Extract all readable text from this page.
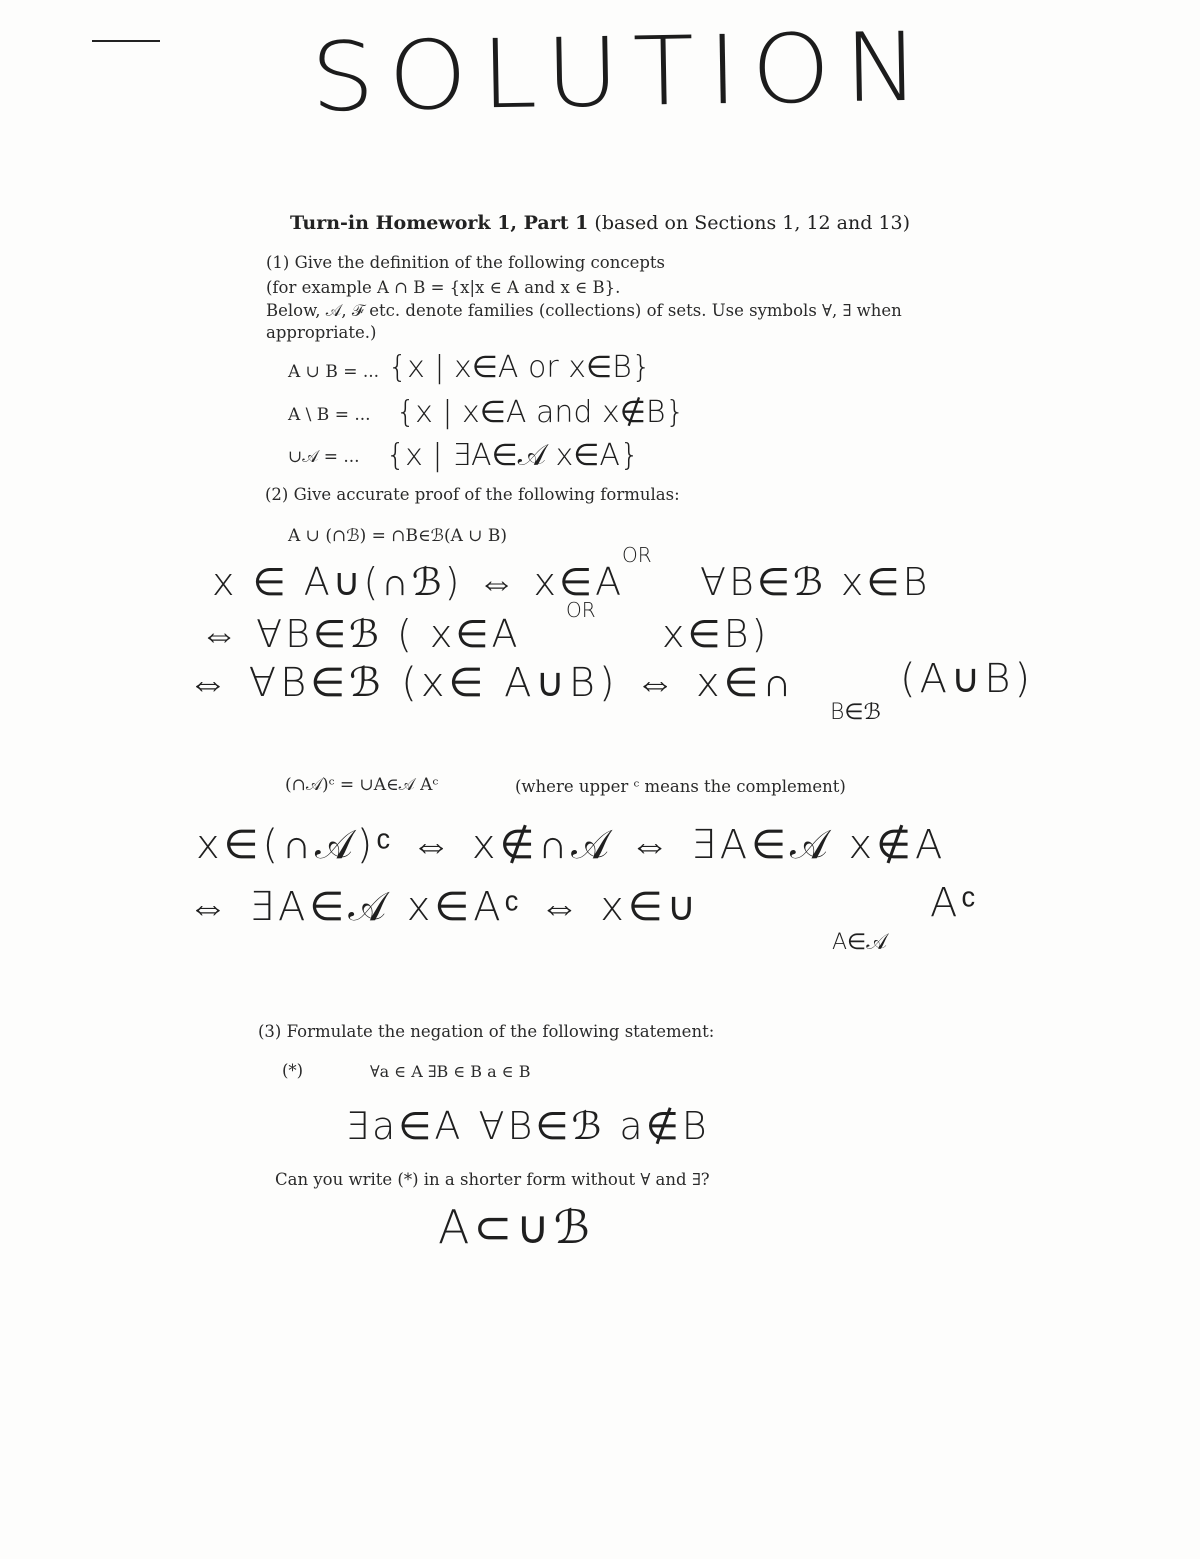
SOLUTION
Turn-in Homework 1, Part 1 (based on Sections 1, 12 and 13)
(1) Give the definition of the following concepts
(for example A ∩ B = {x|x ∈ A and x ∈ B}.
Below, 𝒜, ℱ etc. denote families (collections) of sets. Use symbols ∀, ∃ when
appropriate.)
A ∪ B = ... {x | x∈A or x∈B}
A \ B = ... {x | x∈A and x∉B}
∪𝒜 = ... {x | ∃A∈𝒜 x∈A}
(2) Give accurate proof of the following formulas:
A ∪ (∩ℬ) = ∩B∈ℬ(A ∪ B)
OR
x ∈ A∪(∩ℬ) ⇔ x∈A ∀B∈ℬ x∈B
OR
⇔ ∀B∈ℬ ( x∈A	x∈B)
⇔ ∀B∈ℬ (x∈ A∪B) ⇔ x∈∩	(A∪B)
B∈ℬ
(∩𝒜)ᶜ = ∪A∈𝒜 Aᶜ	(where upper ᶜ means the complement)
x∈(∩𝒜)ᶜ ⇔ x∉∩𝒜 ⇔ ∃A∈𝒜 x∉A
⇔ ∃A∈𝒜 x∈Aᶜ ⇔ x∈∪	Aᶜ
A∈𝒜
(3) Formulate the negation of the following statement:
(*)	∀a ∈ A ∃B ∈ B a ∈ B
∃a∈A ∀B∈ℬ a∉B
Can you write (*) in a shorter form without ∀ and ∃?
A⊂∪ℬ
